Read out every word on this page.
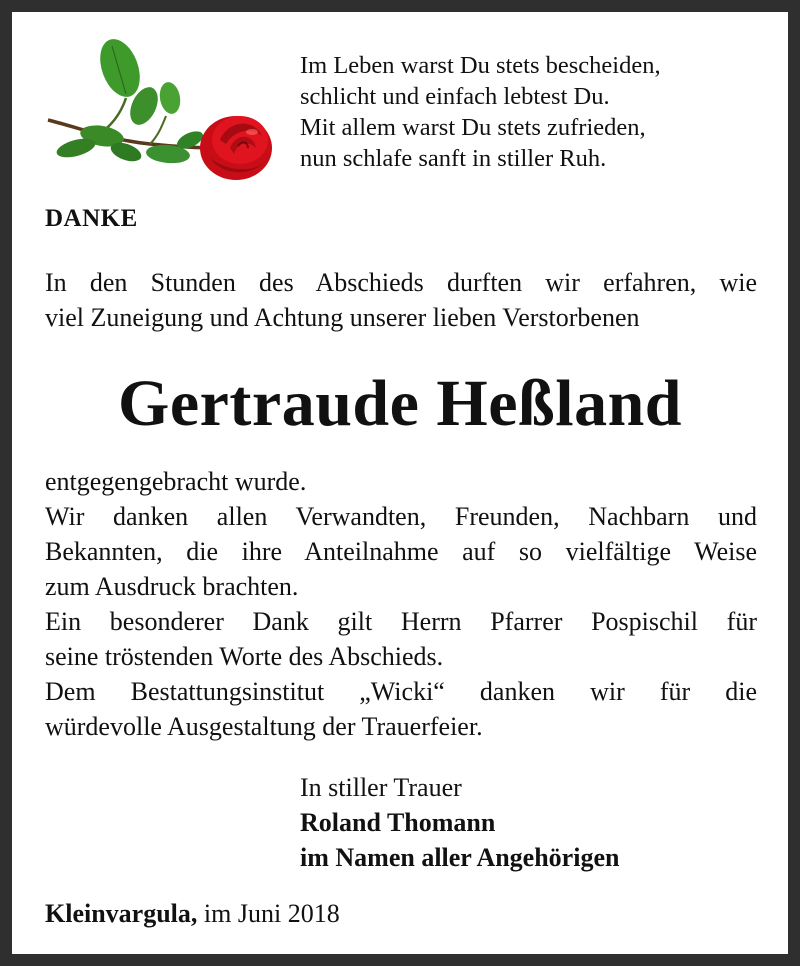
Im Leben warst Du stets bescheiden,
schlicht und einfach lebtest Du.
Mit allem warst Du stets zufrieden,
nun schlafe sanft in stiller Ruh.
DANKE
In den Stunden des Abschieds durften wir erfahren, wie
viel Zuneigung und Achtung unserer lieben Verstorbenen
Gertraude Heßland
entgegengebracht wurde.
Wir danken allen Verwandten, Freunden, Nachbarn und
Bekannten, die ihre Anteilnahme auf so vielfältige Weise
zum Ausdruck brachten.
Ein besonderer Dank gilt Herrn Pfarrer Pospischil für
seine tröstenden Worte des Abschieds.
Dem Bestattungsinstitut „Wicki“ danken wir für die
würdevolle Ausgestaltung der Trauerfeier.
In stiller Trauer
Roland Thomann
im Namen aller Angehörigen
Kleinvargula, im Juni 2018
